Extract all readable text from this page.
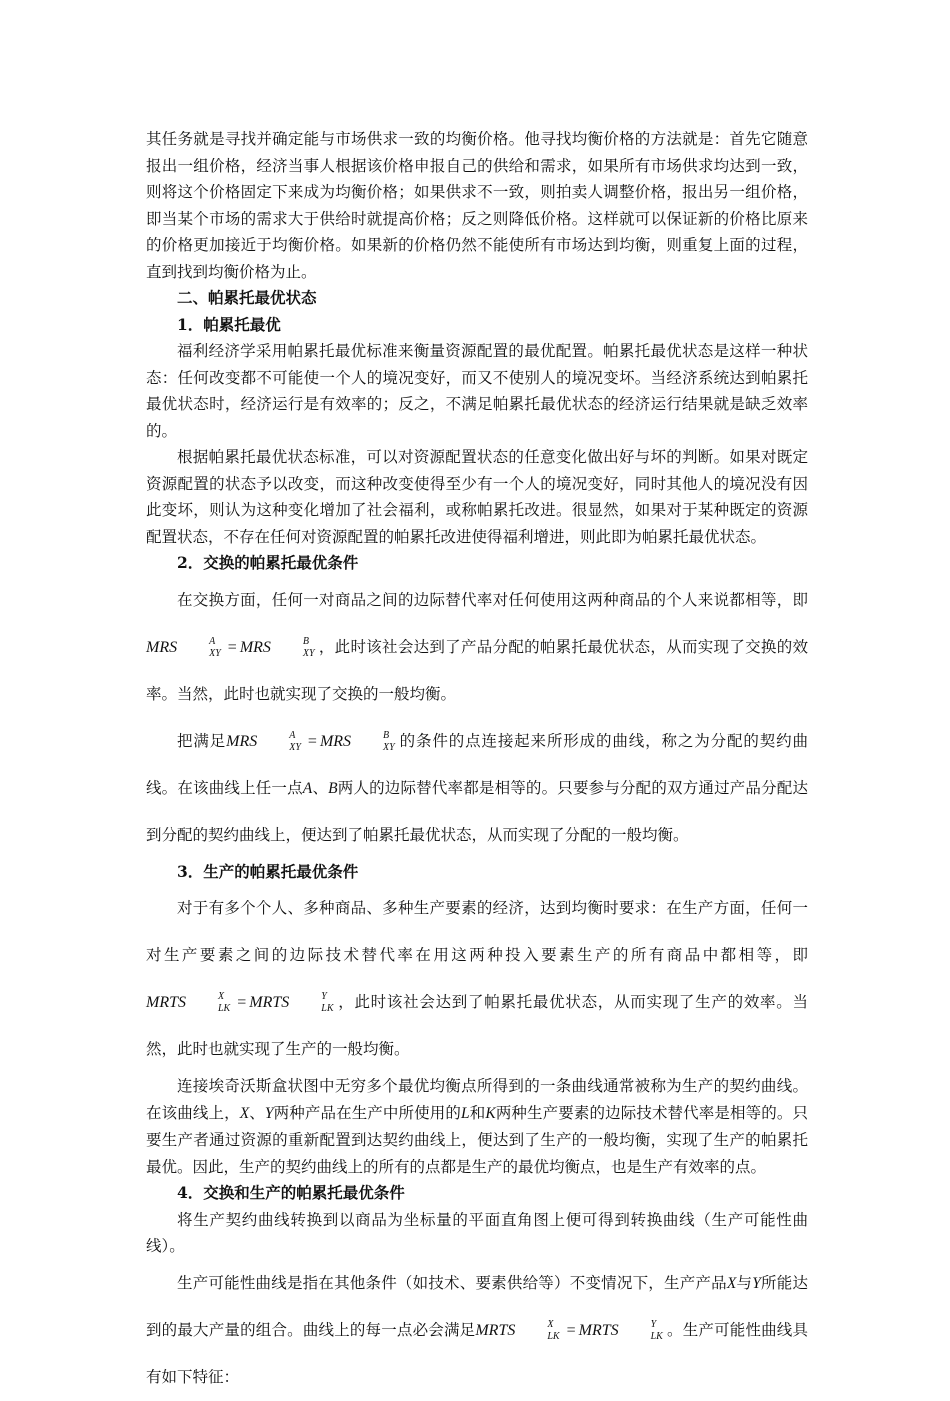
其任务就是寻找并确定能与市场供求一致的均衡价格。他寻找均衡价格的方法就是：首先它随意报出一组价格，经济当事人根据该价格申报自己的供给和需求，如果所有市场供求均达到一致，则将这个价格固定下来成为均衡价格；如果供求不一致，则拍卖人调整价格，报出另一组价格，即当某个市场的需求大于供给时就提高价格；反之则降低价格。这样就可以保证新的价格比原来的价格更加接近于均衡价格。如果新的价格仍然不能使所有市场达到均衡，则重复上面的过程，直到找到均衡价格为止。

二、帕累托最优状态

1．帕累托最优

福利经济学采用帕累托最优标准来衡量资源配置的最优配置。帕累托最优状态是这样一种状态：任何改变都不可能使一个人的境况变好，而又不使别人的境况变坏。当经济系统达到帕累托最优状态时，经济运行是有效率的；反之，不满足帕累托最优状态的经济运行结果就是缺乏效率的。

根据帕累托最优状态标准，可以对资源配置状态的任意变化做出好与坏的判断。如果对既定资源配置的状态予以改变，而这种改变使得至少有一个人的境况变好，同时其他人的境况没有因此变坏，则认为这种变化增加了社会福利，或称帕累托改进。很显然，如果对于某种既定的资源配置状态，不存在任何对资源配置的帕累托改进使得福利增进，则此即为帕累托最优状态。

2．交换的帕累托最优条件

在交换方面，任何一对商品之间的边际替代率对任何使用这两种商品的个人来说都相等，即MRS	A
XY = MRS	B
XY ，此时该社会达到了产品分配的帕累托最优状态，从而实现了交换的效率。当然，此时也就实现了交换的一般均衡。

把满足MRS	A
XY = MRS	B
XY 的条件的点连接起来所形成的曲线，称之为分配的契约曲线。在该曲线上任一点A、B两人的边际替代率都是相等的。只要参与分配的双方通过产品分配达到分配的契约曲线上，便达到了帕累托最优状态，从而实现了分配的一般均衡。

3．生产的帕累托最优条件

对于有多个个人、多种商品、多种生产要素的经济，达到均衡时要求：在生产方面，任何一对生产要素之间的边际技术替代率在用这两种投入要素生产的所有商品中都相等，即MRTS	X
LK = MRTS	Y
LK ，此时该社会达到了帕累托最优状态，从而实现了生产的效率。当然，此时也就实现了生产的一般均衡。

连接埃奇沃斯盒状图中无穷多个最优均衡点所得到的一条曲线通常被称为生产的契约曲线。在该曲线上，X、Y两种产品在生产中所使用的L和K两种生产要素的边际技术替代率是相等的。只要生产者通过资源的重新配置到达契约曲线上，便达到了生产的一般均衡，实现了生产的帕累托最优。因此，生产的契约曲线上的所有的点都是生产的最优均衡点，也是生产有效率的点。

4．交换和生产的帕累托最优条件

将生产契约曲线转换到以商品为坐标量的平面直角图上便可得到转换曲线（生产可能性曲线）。

生产可能性曲线是指在其他条件（如技术、要素供给等）不变情况下，生产产品X与Y所能达到的最大产量的组合。曲线上的每一点必会满足MRTS	X
LK = MRTS	Y
LK 。生产可能性曲线具有如下特征：
